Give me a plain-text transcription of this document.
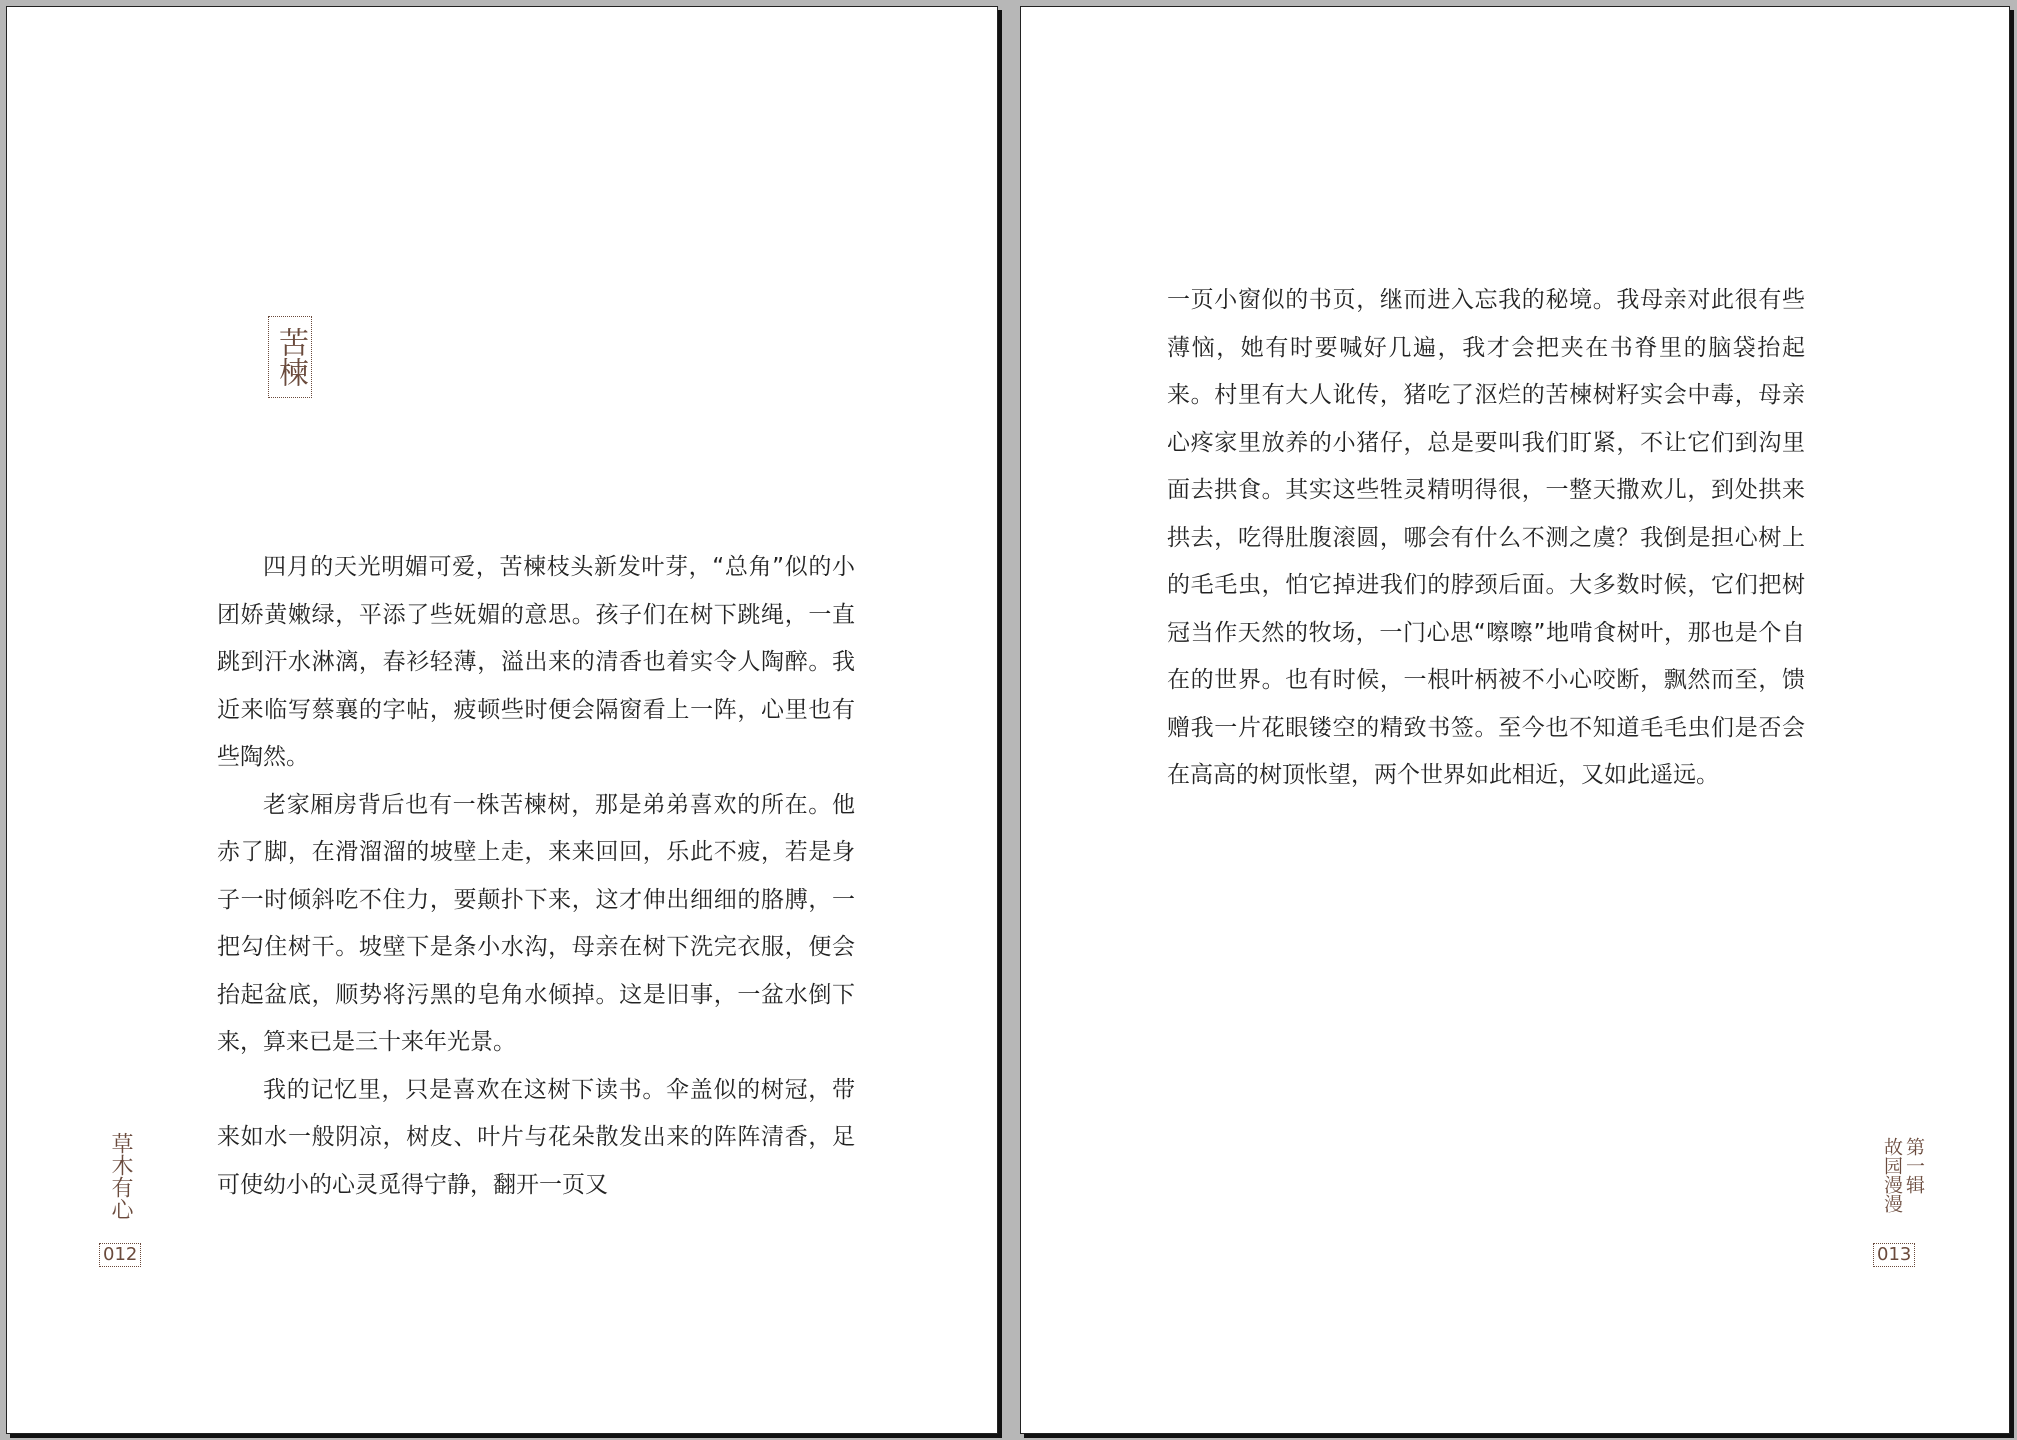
苦楝

四月的天光明媚可爱，苦楝枝头新发叶芽，“总角”似的小团娇黄嫩绿，平添了些妩媚的意思。孩子们在树下跳绳，一直跳到汗水淋漓，春衫轻薄，溢出来的清香也着实令人陶醉。我近来临写蔡襄的字帖，疲顿些时便会隔窗看上一阵，心里也有些陶然。

老家厢房背后也有一株苦楝树，那是弟弟喜欢的所在。他赤了脚，在滑溜溜的坡壁上走，来来回回，乐此不疲，若是身子一时倾斜吃不住力，要颠扑下来，这才伸出细细的胳膊，一把勾住树干。坡壁下是条小水沟，母亲在树下洗完衣服，便会抬起盆底，顺势将污黑的皂角水倾掉。这是旧事，一盆水倒下来，算来已是三十来年光景。

我的记忆里，只是喜欢在这树下读书。伞盖似的树冠，带来如水一般阴凉，树皮、叶片与花朵散发出来的阵阵清香，足可使幼小的心灵觅得宁静，翻开一页又

草木有心
012

一页小窗似的书页，继而进入忘我的秘境。我母亲对此很有些薄恼，她有时要喊好几遍，我才会把夹在书脊里的脑袋抬起来。村里有大人讹传，猪吃了沤烂的苦楝树籽实会中毒，母亲心疼家里放养的小猪仔，总是要叫我们盯紧，不让它们到沟里面去拱食。其实这些牲灵精明得很，一整天撒欢儿，到处拱来拱去，吃得肚腹滚圆，哪会有什么不测之虞？我倒是担心树上的毛毛虫，怕它掉进我们的脖颈后面。大多数时候，它们把树冠当作天然的牧场，一门心思“嚓嚓”地啃食树叶，那也是个自在的世界。也有时候，一根叶柄被不小心咬断，飘然而至，馈赠我一片花眼镂空的精致书签。至今也不知道毛毛虫们是否会在高高的树顶怅望，两个世界如此相近，又如此遥远。

第一辑
故园漫漫
013
